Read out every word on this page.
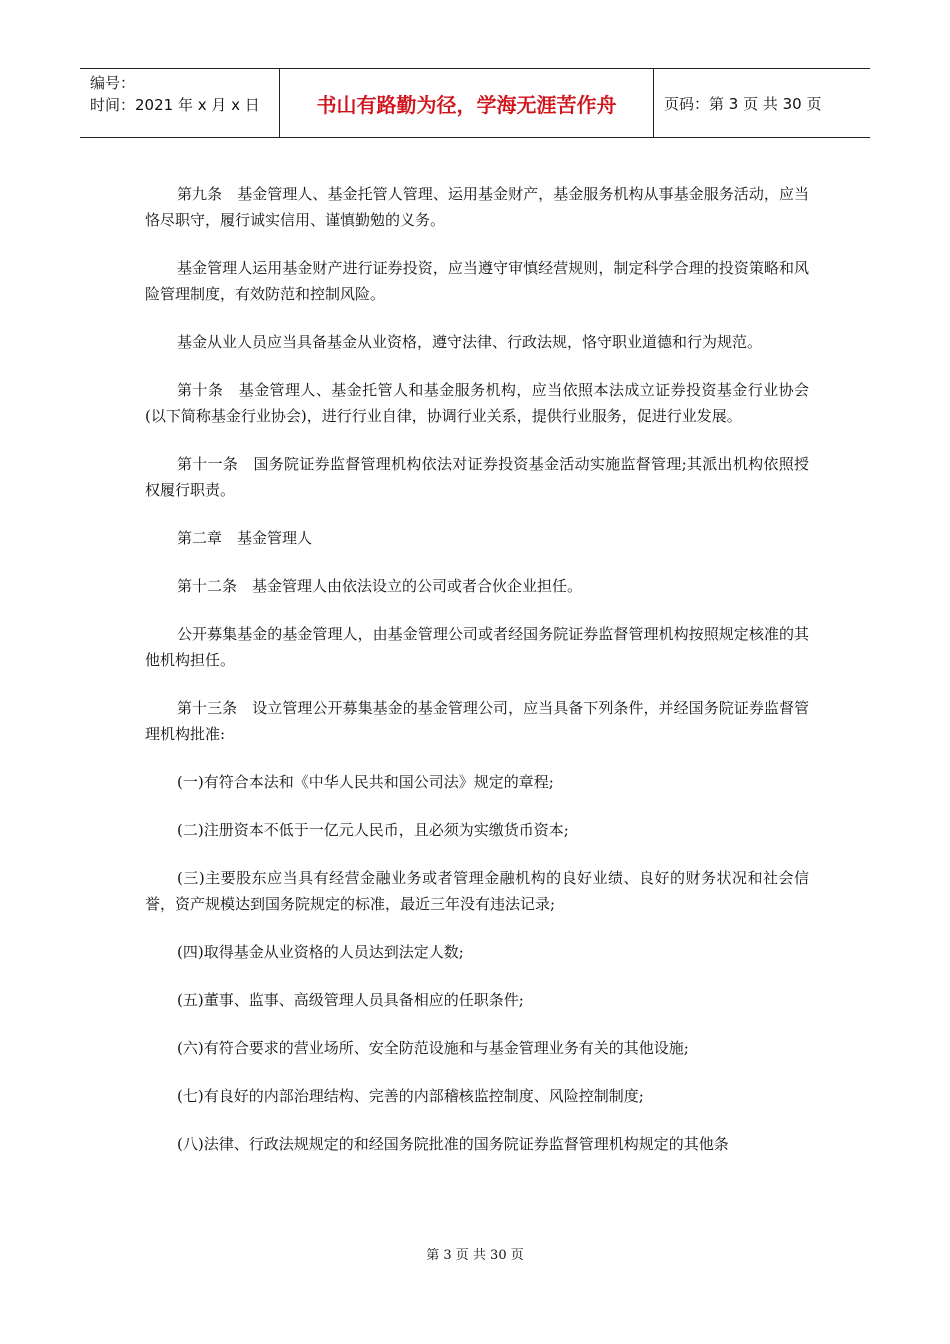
编号：
时间：2021 年 x 月 x 日	书山有路勤为径，学海无涯苦作舟	页码：第 3 页 共 30 页

第九条　基金管理人、基金托管人管理、运用基金财产，基金服务机构从事基金服务活动，应当恪尽职守，履行诚实信用、谨慎勤勉的义务。

基金管理人运用基金财产进行证券投资，应当遵守审慎经营规则，制定科学合理的投资策略和风险管理制度，有效防范和控制风险。

基金从业人员应当具备基金从业资格，遵守法律、行政法规，恪守职业道德和行为规范。

第十条　基金管理人、基金托管人和基金服务机构，应当依照本法成立证券投资基金行业协会(以下简称基金行业协会)，进行行业自律，协调行业关系，提供行业服务，促进行业发展。

第十一条　国务院证券监督管理机构依法对证券投资基金活动实施监督管理;其派出机构依照授权履行职责。

第二章　基金管理人

第十二条　基金管理人由依法设立的公司或者合伙企业担任。

公开募集基金的基金管理人，由基金管理公司或者经国务院证券监督管理机构按照规定核准的其他机构担任。

第十三条　设立管理公开募集基金的基金管理公司，应当具备下列条件，并经国务院证券监督管理机构批准:

(一)有符合本法和《中华人民共和国公司法》规定的章程;

(二)注册资本不低于一亿元人民币，且必须为实缴货币资本;

(三)主要股东应当具有经营金融业务或者管理金融机构的良好业绩、良好的财务状况和社会信誉，资产规模达到国务院规定的标准，最近三年没有违法记录;

(四)取得基金从业资格的人员达到法定人数;

(五)董事、监事、高级管理人员具备相应的任职条件;

(六)有符合要求的营业场所、安全防范设施和与基金管理业务有关的其他设施;

(七)有良好的内部治理结构、完善的内部稽核监控制度、风险控制制度;

(八)法律、行政法规规定的和经国务院批准的国务院证券监督管理机构规定的其他条

第 3 页 共 30 页
